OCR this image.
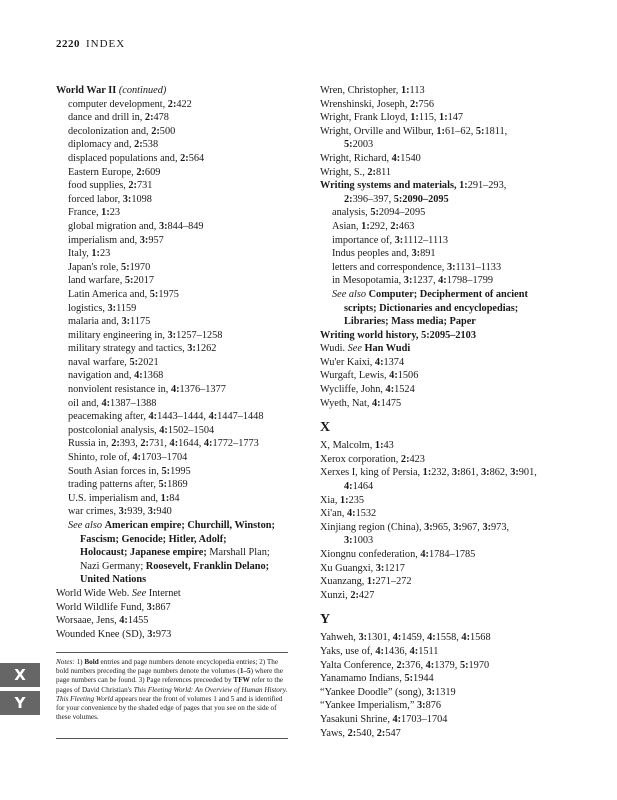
2220 INDEX
World War II (continued)
computer development, 2:422
dance and drill in, 2:478
decolonization and, 2:500
diplomacy and, 2:538
displaced populations and, 2:564
Eastern Europe, 2:609
food supplies, 2:731
forced labor, 3:1098
France, 1:23
global migration and, 3:844–849
imperialism and, 3:957
Italy, 1:23
Japan's role, 5:1970
land warfare, 5:2017
Latin America and, 5:1975
logistics, 3:1159
malaria and, 3:1175
military engineering in, 3:1257–1258
military strategy and tactics, 3:1262
naval warfare, 5:2021
navigation and, 4:1368
nonviolent resistance in, 4:1376–1377
oil and, 4:1387–1388
peacemaking after, 4:1443–1444, 4:1447–1448
postcolonial analysis, 4:1502–1504
Russia in, 2:393, 2:731, 4:1644, 4:1772–1773
Shinto, role of, 4:1703–1704
South Asian forces in, 5:1995
trading patterns after, 5:1869
U.S. imperialism and, 1:84
war crimes, 3:939, 3:940
See also American empire; Churchill, Winston;
Fascism; Genocide; Hitler, Adolf;
Holocaust; Japanese empire; Marshall Plan;
Nazi Germany; Roosevelt, Franklin Delano;
United Nations
World Wide Web. See Internet
World Wildlife Fund, 3:867
Worsaae, Jens, 4:1455
Wounded Knee (SD), 3:973
Notes: 1) Bold entries and page numbers denote encyclopedia entries; 2) The bold numbers preceding the page numbers denote the volumes (1–5) where the page numbers can be found. 3) Page references preceeded by TFW refer to the pages of David Christian's This Fleeting World: An Overview of Human History. This Fleeting World appears near the front of volumes 1 and 5 and is identified for your convenience by the shaded edge of pages that you see on the side of these volumes.
X
Y
Wren, Christopher, 1:113
Wrenshinski, Joseph, 2:756
Wright, Frank Lloyd, 1:115, 1:147
Wright, Orville and Wilbur, 1:61–62, 5:1811,
5:2003
Wright, Richard, 4:1540
Wright, S., 2:811
Writing systems and materials, 1:291–293,
2:396–397, 5:2090–2095
analysis, 5:2094–2095
Asian, 1:292, 2:463
importance of, 3:1112–1113
Indus peoples and, 3:891
letters and correspondence, 3:1131–1133
in Mesopotamia, 3:1237, 4:1798–1799
See also Computer; Decipherment of ancient
scripts; Dictionaries and encyclopedias;
Libraries; Mass media; Paper
Writing world history, 5:2095–2103
Wudi. See Han Wudi
Wu'er Kaixi, 4:1374
Wurgaft, Lewis, 4:1506
Wycliffe, John, 4:1524
Wyeth, Nat, 4:1475
X
X, Malcolm, 1:43
Xerox corporation, 2:423
Xerxes I, king of Persia, 1:232, 3:861, 3:862, 3:901,
4:1464
Xia, 1:235
Xi'an, 4:1532
Xinjiang region (China), 3:965, 3:967, 3:973,
3:1003
Xiongnu confederation, 4:1784–1785
Xu Guangxi, 3:1217
Xuanzang, 1:271–272
Xunzi, 2:427
Y
Yahweh, 3:1301, 4:1459, 4:1558, 4:1568
Yaks, use of, 4:1436, 4:1511
Yalta Conference, 2:376, 4:1379, 5:1970
Yanamamo Indians, 5:1944
“Yankee Doodle” (song), 3:1319
“Yankee Imperialism,” 3:876
Yasakuni Shrine, 4:1703–1704
Yaws, 2:540, 2:547
